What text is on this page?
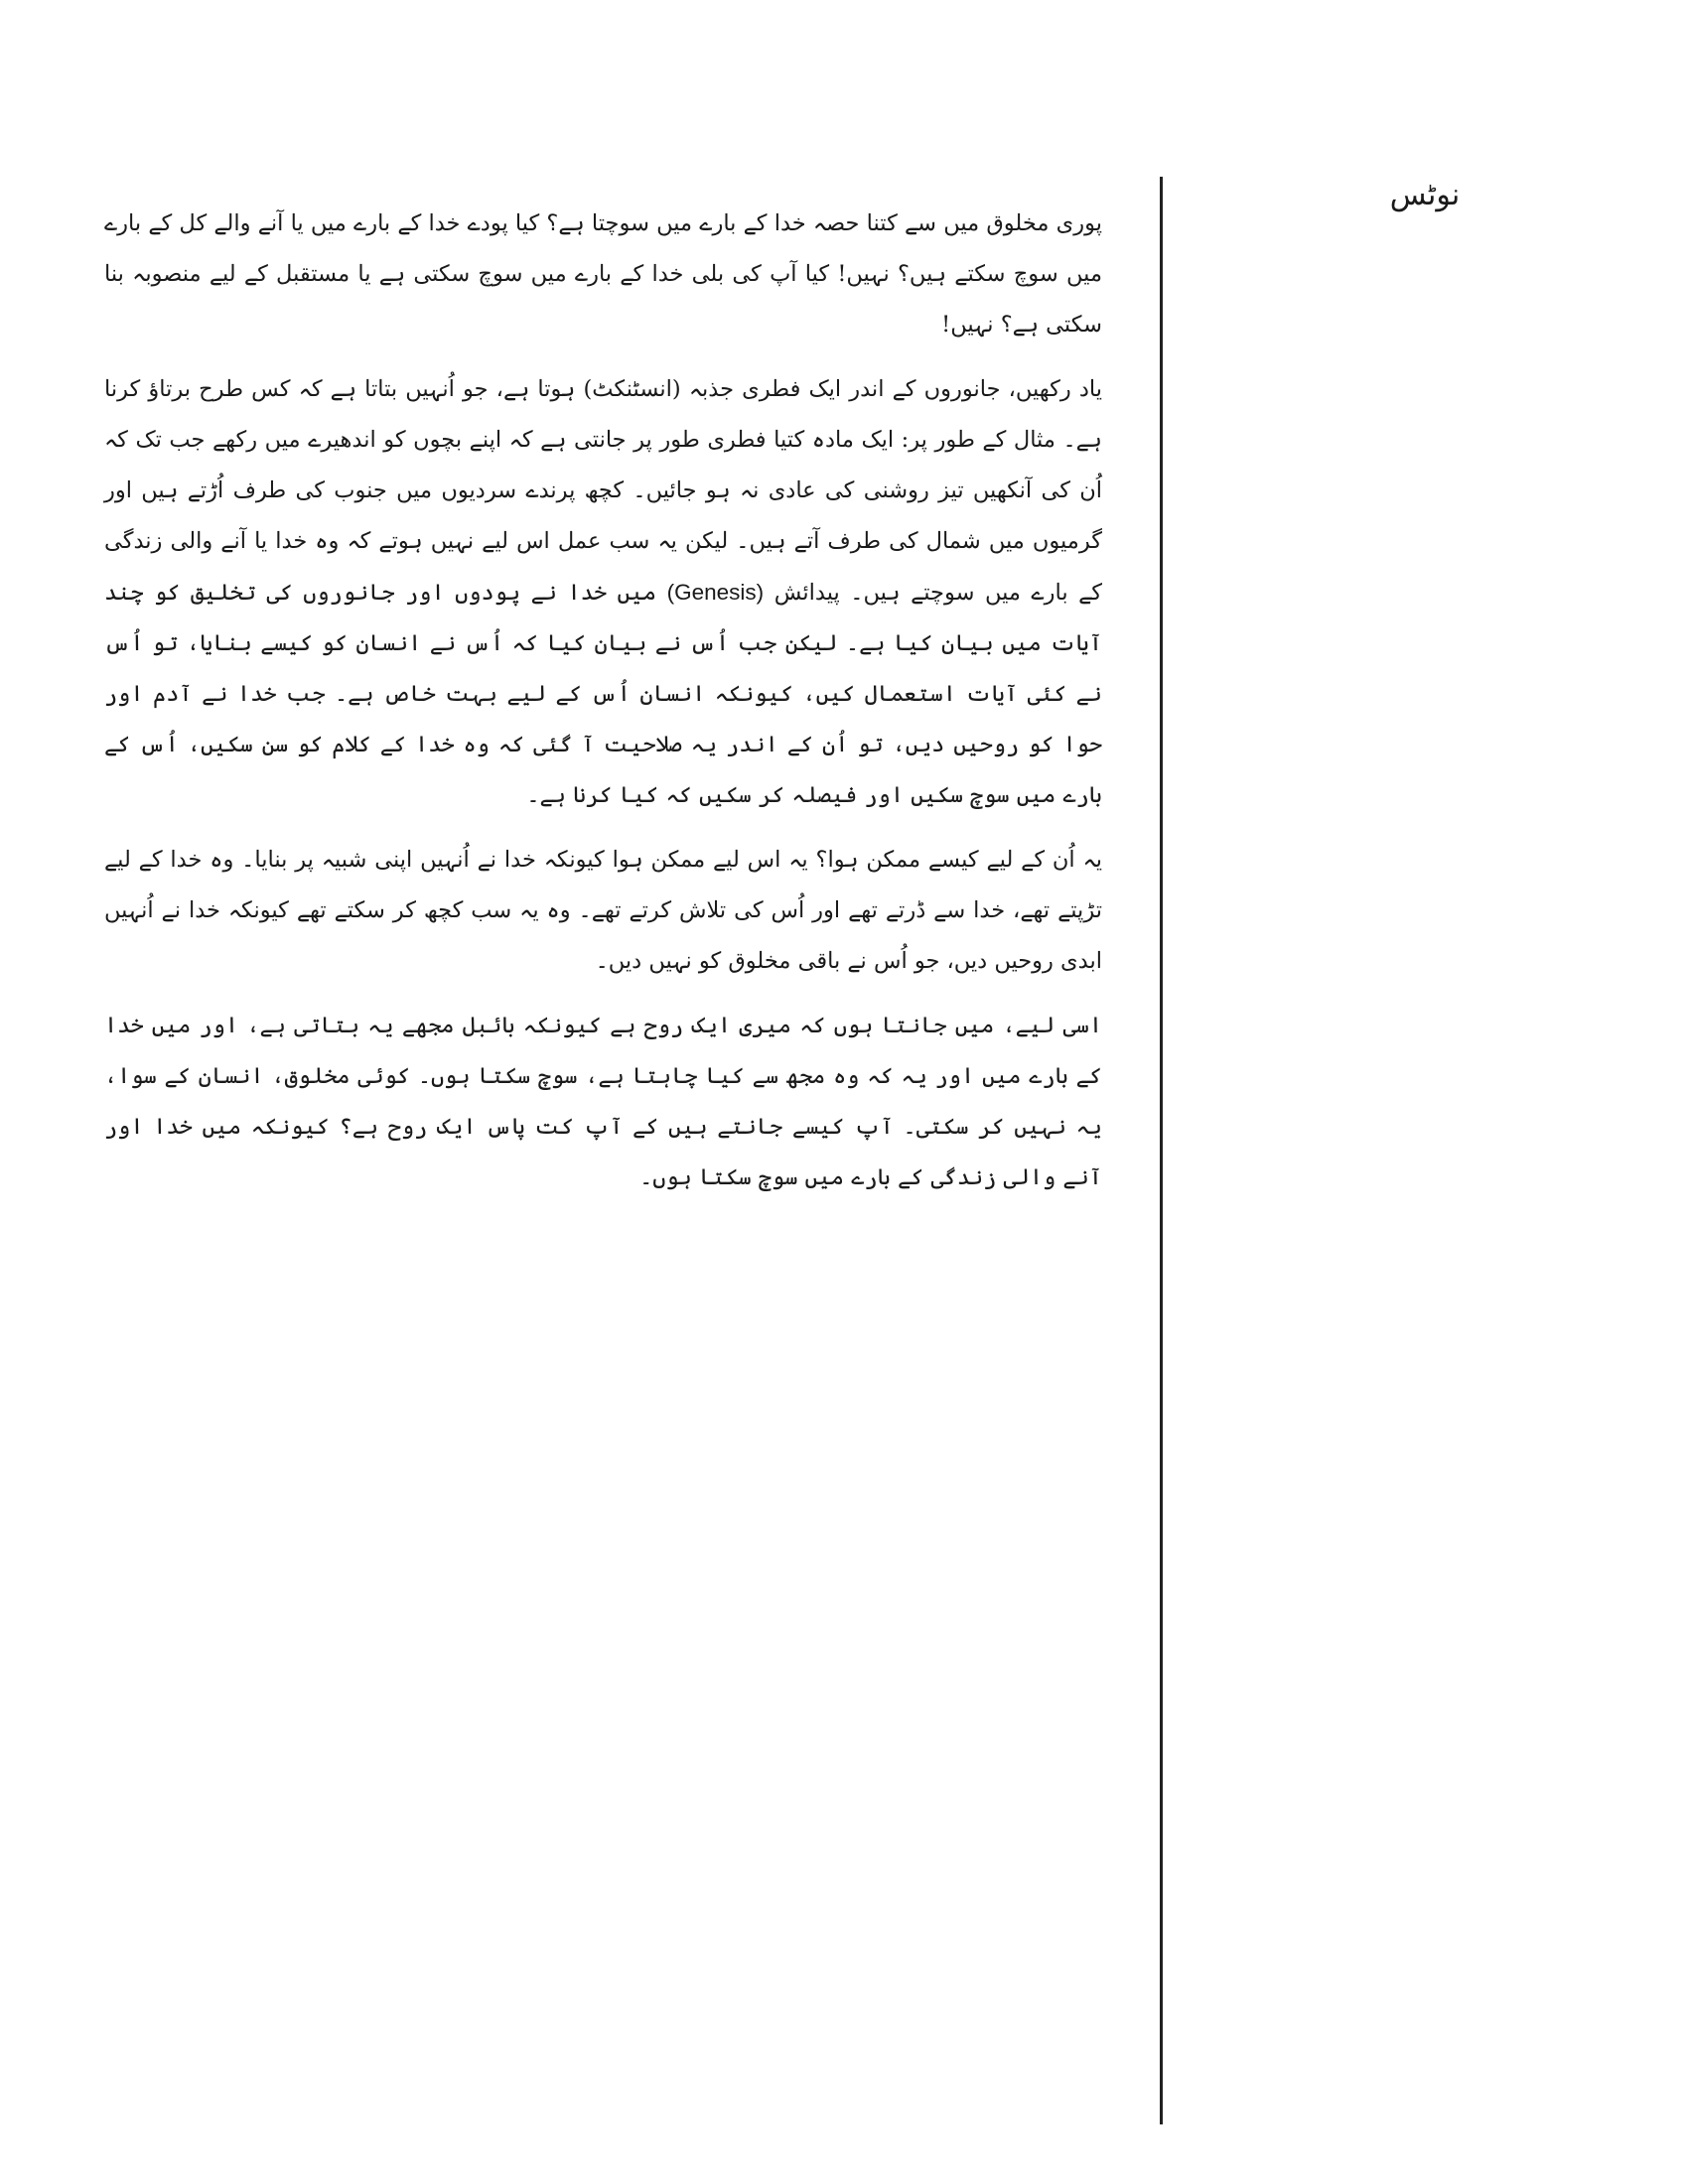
نوٹس

پوری مخلوق میں سے کتنا حصہ خدا کے بارے میں سوچتا ہے؟ کیا پودے خدا کے بارے میں یا آنے والے کل کے بارے میں سوچ سکتے ہیں؟ نہیں! کیا آپ کی بلی خدا کے بارے میں سوچ سکتی ہے یا مستقبل کے لیے منصوبہ بنا سکتی ہے؟ نہیں!

یاد رکھیں، جانوروں کے اندر ایک فطری جذبہ (انسٹنکٹ) ہوتا ہے، جو اُنہیں بتاتا ہے کہ کس طرح برتاؤ کرنا ہے۔ مثال کے طور پر: ایک مادہ کتیا فطری طور پر جانتی ہے کہ اپنے بچوں کو اندھیرے میں رکھے جب تک کہ اُن کی آنکھیں تیز روشنی کی عادی نہ ہو جائیں۔ کچھ پرندے سردیوں میں جنوب کی طرف اُڑتے ہیں اور گرمیوں میں شمال کی طرف آتے ہیں۔ لیکن یہ سب عمل اس لیے نہیں ہوتے کہ وہ خدا یا آنے والی زندگی کے بارے میں سوچتے ہیں۔ پیدائش (Genesis) میں خدا نے پودوں اور جانوروں کی تخلیق کو چند آیات میں بیان کیا ہے۔ لیکن جب اُس نے بیان کیا کہ اُس نے انسان کو کیسے بنایا، تو اُس نے کئی آیات استعمال کیں، کیونکہ انسان اُس کے لیے بہت خاص ہے۔ جب خدا نے آدم اور حوا کو روحیں دیں، تو اُن کے اندر یہ صلاحیت آ گئی کہ وہ خدا کے کلام کو سن سکیں، اُس کے بارے میں سوچ سکیں اور فیصلہ کر سکیں کہ کیا کرنا ہے۔

یہ اُن کے لیے کیسے ممکن ہوا؟ یہ اس لیے ممکن ہوا کیونکہ خدا نے اُنہیں اپنی شبیہ پر بنایا۔ وہ خدا کے لیے تڑپتے تھے، خدا سے ڈرتے تھے اور اُس کی تلاش کرتے تھے۔ وہ یہ سب کچھ کر سکتے تھے کیونکہ خدا نے اُنہیں ابدی روحیں دیں، جو اُس نے باقی مخلوق کو نہیں دیں۔

اسی لیے، میں جانتا ہوں کہ میری ایک روح ہے کیونکہ بائبل مجھے یہ بتاتی ہے، اور میں خدا کے بارے میں اور یہ کہ وہ مجھ سے کیا چاہتا ہے، سوچ سکتا ہوں۔ کوئی مخلوق، انسان کے سوا، یہ نہیں کر سکتی۔ آپ کیسے جانتے ہیں کے آپ کت پاس ایک روح ہے؟ کیونکہ میں خدا اور آنے والی زندگی کے بارے میں سوچ سکتا ہوں۔
